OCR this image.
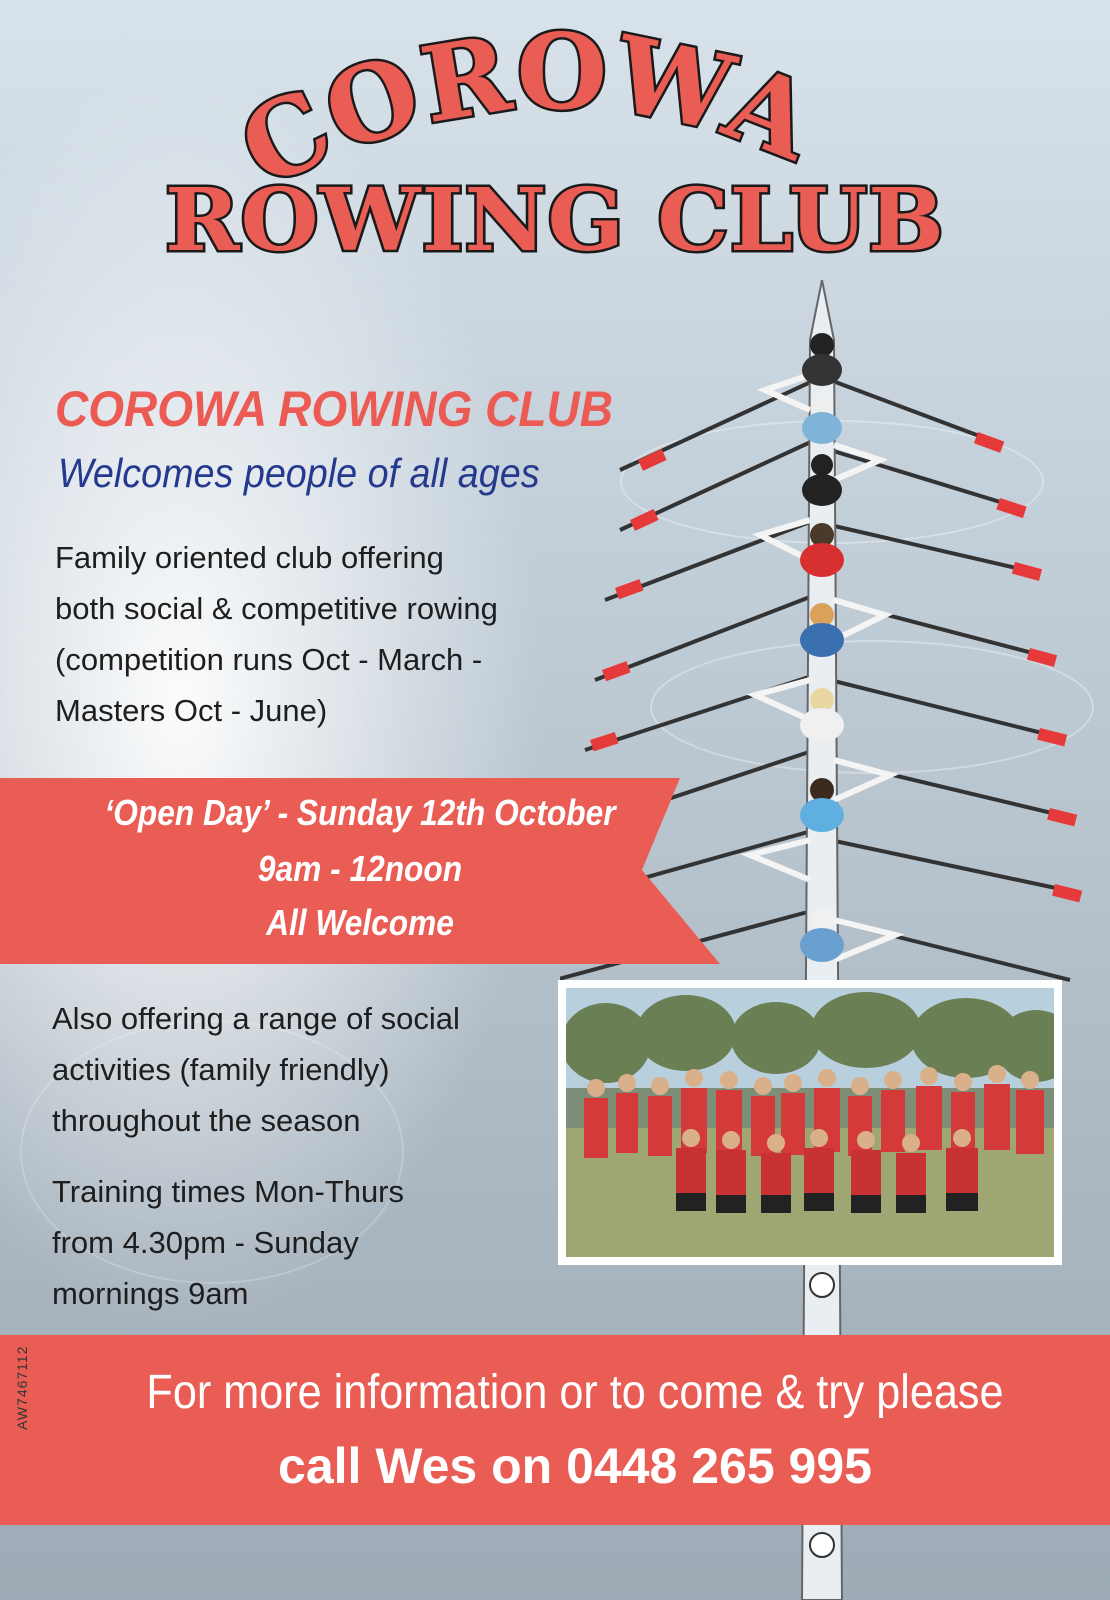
COROWA
ROWING CLUB
COROWA ROWING CLUB
Welcomes people of all ages

Family oriented club offering

both social & competitive rowing

(competition runs Oct - March -

Masters Oct - June)

‘Open Day’ - Sunday 12th October
9am - 12noon
All Welcome

Also offering a range of social

activities (family friendly)

throughout the season

Training times Mon-Thurs

from 4.30pm - Sunday

mornings 9am

For more information or to come & try please
call Wes on 0448 265 995
AW7467112
